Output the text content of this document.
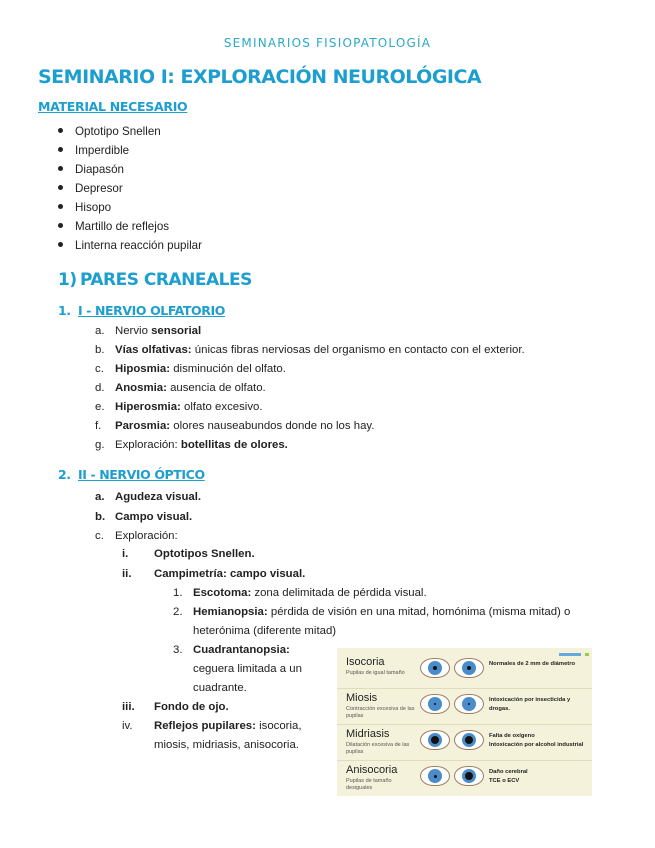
SEMINARIOS FISIOPATOLOGÍA
SEMINARIO I: EXPLORACIÓN NEUROLÓGICA
MATERIAL NECESARIO
Optotipo Snellen
Imperdible
Diapasón
Depresor
Hisopo
Martillo de reflejos
Linterna reacción pupilar
1) PARES CRANEALES
1. I - NERVIO OLFATORIO
a. Nervio sensorial
b. Vías olfativas: únicas fibras nerviosas del organismo en contacto con el exterior.
c. Hiposmia: disminución del olfato.
d. Anosmia: ausencia de olfato.
e. Hiperosmia: olfato excesivo.
f. Parosmia: olores nauseabundos donde no los hay.
g. Exploración: botellitas de olores.
2. II - NERVIO ÓPTICO
a. Agudeza visual.
b. Campo visual.
c. Exploración:
i. Optotipos Snellen.
ii. Campimetría: campo visual.
1. Escotoma: zona delimitada de pérdida visual.
2. Hemianopsia: pérdida de visión en una mitad, homónima (misma mitad) o
heterónima (diferente mitad)
3. Cuadrantanopsia:
ceguera limitada a un
cuadrante.
iii. Fondo de ojo.
iv. Reflejos pupilares: isocoria,
miosis, midriasis, anisocoria.
Isocoria
Pupilas de igual tamaño
Normales de 2 mm de diámetro
Miosis
Contracción excesiva de las pupilas
Intoxicación por insecticida y drogas.
Midriasis
Dilatación excesiva de las pupilas
Falta de oxígeno
Intoxicación por alcohol industrial
Anisocoria
Pupilas de tamaño desiguales
Daño cerebral
TCE o ECV
